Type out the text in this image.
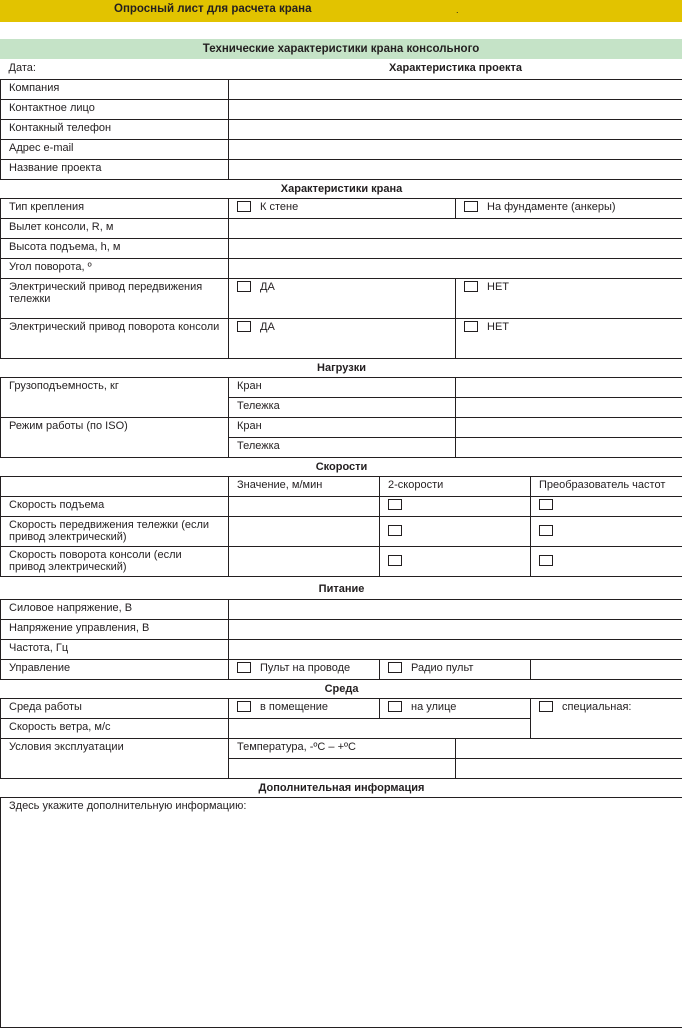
Опросный лист для расчета крана	.
Технические характеристики крана консольного
Дата:	Характеристика проекта			
Компания				
Контактное лицо				
Контакный телефон				
Адрес e-mail				
Название проекта				
Характеристики крана				
Тип крепления	К стене		На фундаменте (анкеры)	
Вылет консоли, R, м				
Высота подъема, h, м				
Угол поворота, º				
Электрический привод передвижения тележки	ДА		НЕТ	
Электрический привод поворота консоли	ДА		НЕТ	
Нагрузки				
Грузоподъемность, кг	Кран			
	Тележка			
Режим работы (по ISO)	Кран			
	Тележка			
Скорости				
	Значение, м/мин	2-скорости		Преобразователь частот
Скорость подъема				
Скорость передвижения тележки (если привод электрический)				
Скорость поворота консоли (если привод электрический)				
Питание				
Силовое напряжение, В				
Напряжение управления, В				
Частота, Гц				
Управление	Пульт на проводе	Радио пульт		
Среда				
Среда работы	в помещение	на улице		специальная:
Скорость ветра, м/с				
Условия эксплуатации	Температура, -ºC – +ºC			

Дополнительная информация				
Здесь укажите дополнительную информацию:				
